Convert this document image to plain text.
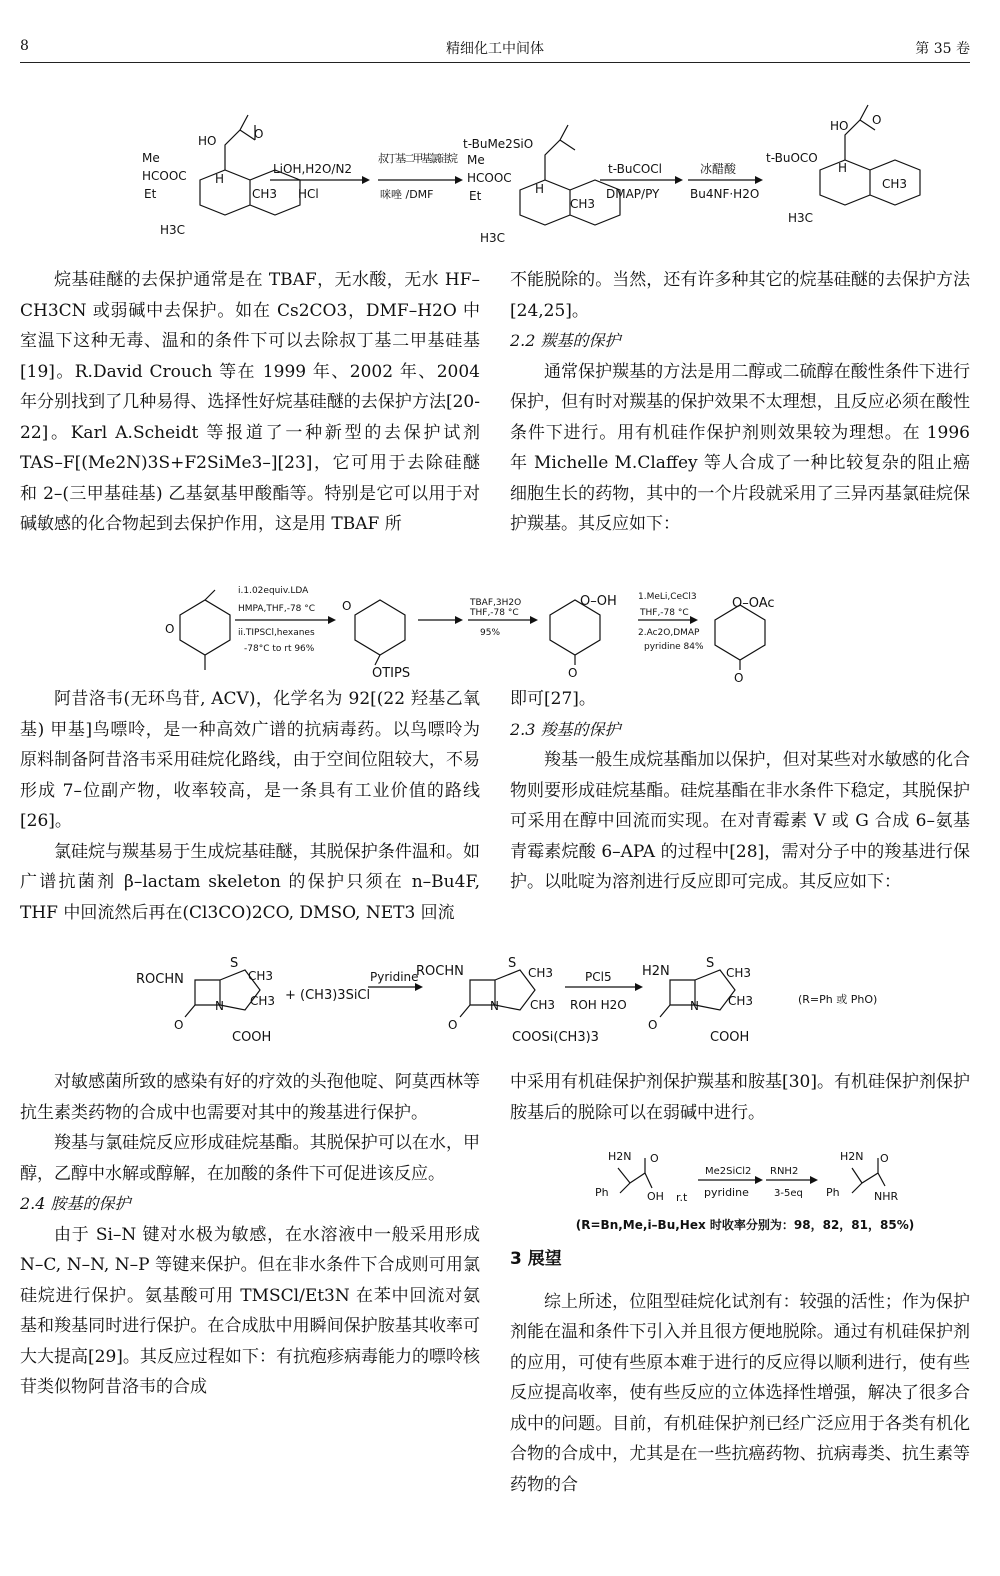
8	精细化工中间体	第 35 卷
HO	O
Me
HCOOC
Et
H
CH3
H3C
LiOH,H2O/N2
HCl
叔丁基二甲基氯硅烷
咪唑 /DMF
t-BuMe2SiO
Me
HCOOC
Et	H
CH3
H3C
t-BuCOCl
DMAP/PY
冰醋酸
Bu4NF·H2O
HO O
t-BuOCO
H
CH3
H3C

烷基硅醚的去保护通常是在 TBAF，无水酸，无水 HF–CH3CN 或弱碱中去保护。如在 Cs2CO3，DMF–H2O 中室温下这种无毒、温和的条件下可以去除叔丁基二甲基硅基 [19]。R.David Crouch 等在 1999 年、2002 年、2004 年分别找到了几种易得、选择性好烷基硅醚的去保护方法[20-22]。Karl A.Scheidt 等报道了一种新型的去保护试剂 TAS–F[(Me2N)3S+F2SiMe3–][23]，它可用于去除硅醚和 2–(三甲基硅基) 乙基氨基甲酸酯等。特别是它可以用于对碱敏感的化合物起到去保护作用，这是用 TBAF 所

不能脱除的。当然，还有许多种其它的烷基硅醚的去保护方法[24,25]。

2.2 羰基的保护

通常保护羰基的方法是用二醇或二硫醇在酸性条件下进行保护，但有时对羰基的保护效果不太理想，且反应必须在酸性条件下进行。用有机硅作保护剂则效果较为理想。在 1996 年 Michelle M.Claffey 等人合成了一种比较复杂的阻止癌细胞生长的药物，其中的一个片段就采用了三异丙基氯硅烷保护羰基。其反应如下：

O
i.1.02equiv.LDA
HMPA,THF,-78 °C
ii.TIPSCl,hexanes
-78°C to rt 96%
O
OTIPS
TBAF,3H2O
THF,-78 °C
95%
O–OH
O
1.MeLi,CeCl3
THF,-78 °C
2.Ac2O,DMAP
pyridine 84%
O–OAc
O

阿昔洛韦(无环鸟苷, ACV)，化学名为 92[(22 羟基乙氧基) 甲基]鸟嘌呤，是一种高效广谱的抗病毒药。以鸟嘌呤为原料制备阿昔洛韦采用硅烷化路线，由于空间位阻较大，不易形成 7–位副产物，收率较高，是一条具有工业价值的路线[26]。

氯硅烷与羰基易于生成烷基硅醚，其脱保护条件温和。如广谱抗菌剂 β–lactam skeleton 的保护只须在 n–Bu4F, THF 中回流然后再在(Cl3CO)2CO, DMSO, NET3 回流

即可[27]。

2.3 羧基的保护

羧基一般生成烷基酯加以保护，但对某些对水敏感的化合物则要形成硅烷基酯。硅烷基酯在非水条件下稳定，其脱保护可采用在醇中回流而实现。在对青霉素 V 或 G 合成 6–氨基青霉素烷酸 6–APA 的过程中[28]，需对分子中的羧基进行保护。以吡啶为溶剂进行反应即可完成。其反应如下：

ROCHN
S
CH3
CH3
N
O
COOH
+ (CH3)3SiCl
Pyridine
ROCHN
S
CH3
CH3
N
O
COOSi(CH3)3
PCl5
ROH H2O
H2N
S
CH3
CH3
N
O
COOH
(R=Ph 或 PhO)

对敏感菌所致的感染有好的疗效的头孢他啶、阿莫西林等抗生素类药物的合成中也需要对其中的羧基进行保护。

羧基与氯硅烷反应形成硅烷基酯。其脱保护可以在水，甲醇，乙醇中水解或醇解，在加酸的条件下可促进该反应。

2.4 胺基的保护

由于 Si–N 键对水极为敏感，在水溶液中一般采用形成 N–C, N–N, N–P 等键来保护。但在非水条件下合成则可用氯硅烷进行保护。氨基酸可用 TMSCl/Et3N 在苯中回流对氨基和羧基同时进行保护。在合成肽中用瞬间保护胺基其收率可大大提高[29]。其反应过程如下：有抗疱疹病毒能力的嘌呤核苷类似物阿昔洛韦的合成

中采用有机硅保护剂保护羰基和胺基[30]。有机硅保护剂保护胺基后的脱除可以在弱碱中进行。

H2N O
Ph	OH r.t
Me2SiCl2
pyridine
RNH2
3-5eq
H2N O
Ph	NHR
(R=Bn,Me,i–Bu,Hex 时收率分别为：98，82，81，85%)

3 展望

综上所述，位阻型硅烷化试剂有：较强的活性；作为保护剂能在温和条件下引入并且很方便地脱除。通过有机硅保护剂的应用，可使有些原本难于进行的反应得以顺利进行，使有些反应提高收率，使有些反应的立体选择性增强，解决了很多合成中的问题。目前，有机硅保护剂已经广泛应用于各类有机化合物的合成中，尤其是在一些抗癌药物、抗病毒类、抗生素等药物的合
